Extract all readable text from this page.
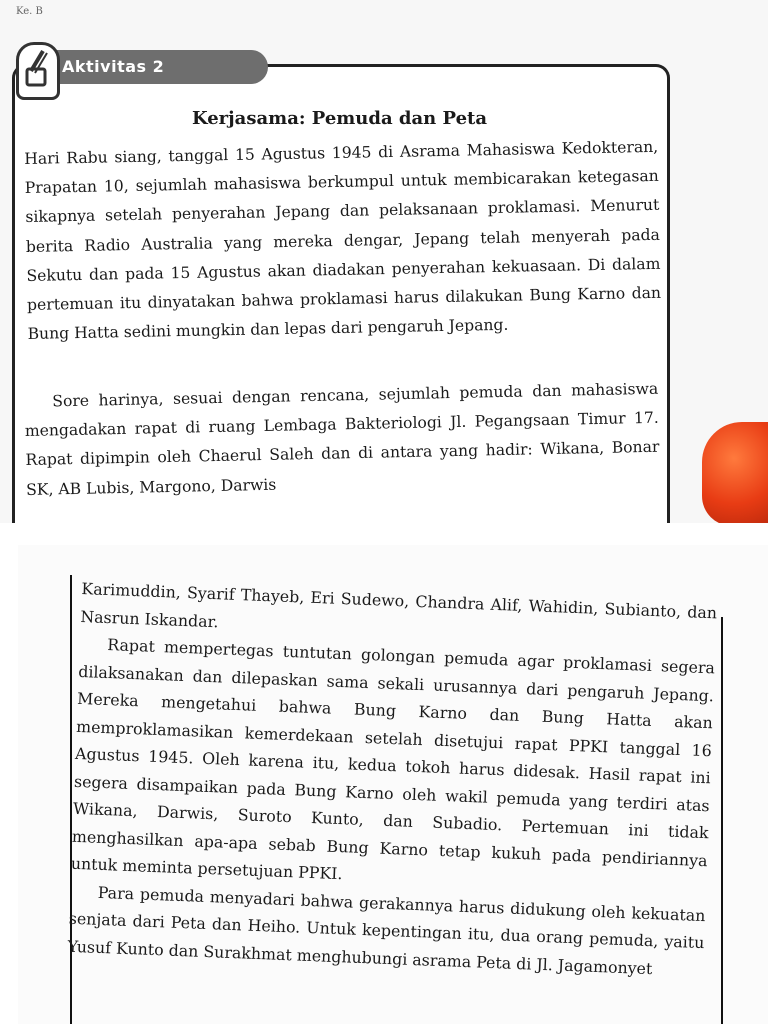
Ke. B
Aktivitas 2
Kerjasama: Pemuda dan Peta

Hari Rabu siang, tanggal 15 Agustus 1945 di Asrama Mahasiswa Kedokteran, Prapatan 10, sejumlah mahasiswa berkumpul untuk membicarakan ketegasan sikapnya setelah penyerahan Jepang dan pelaksanaan proklamasi. Menurut berita Radio Australia yang mereka dengar, Jepang telah menyerah pada Sekutu dan pada 15 Agustus akan diadakan penyerahan kekuasaan. Di dalam pertemuan itu dinyatakan bahwa proklamasi harus dilakukan Bung Karno dan Bung Hatta sedini mungkin dan lepas dari pengaruh Jepang.

Sore harinya, sesuai dengan rencana, sejumlah pemuda dan mahasiswa mengadakan rapat di ruang Lembaga Bakteriologi Jl. Pegangsaan Timur 17. Rapat dipimpin oleh Chaerul Saleh dan di antara yang hadir: Wikana, Bonar SK, AB Lubis, Margono, Darwis

Karimuddin, Syarif Thayeb, Eri Sudewo, Chandra Alif, Wahidin, Subianto, dan Nasrun Iskandar.

Rapat mempertegas tuntutan golongan pemuda agar proklamasi segera dilaksanakan dan dilepaskan sama sekali urusannya dari pengaruh Jepang. Mereka mengetahui bahwa Bung Karno dan Bung Hatta akan memproklamasikan kemerdekaan setelah disetujui rapat PPKI tanggal 16 Agustus 1945. Oleh karena itu, kedua tokoh harus didesak. Hasil rapat ini segera disampaikan pada Bung Karno oleh wakil pemuda yang terdiri atas Wikana, Darwis, Suroto Kunto, dan Subadio. Pertemuan ini tidak menghasilkan apa-apa sebab Bung Karno tetap kukuh pada pendiriannya untuk meminta persetujuan PPKI.

Para pemuda menyadari bahwa gerakannya harus didukung oleh kekuatan senjata dari Peta dan Heiho. Untuk kepentingan itu, dua orang pemuda, yaitu Yusuf Kunto dan Surakhmat menghubungi asrama Peta di Jl. Jagamonyet
